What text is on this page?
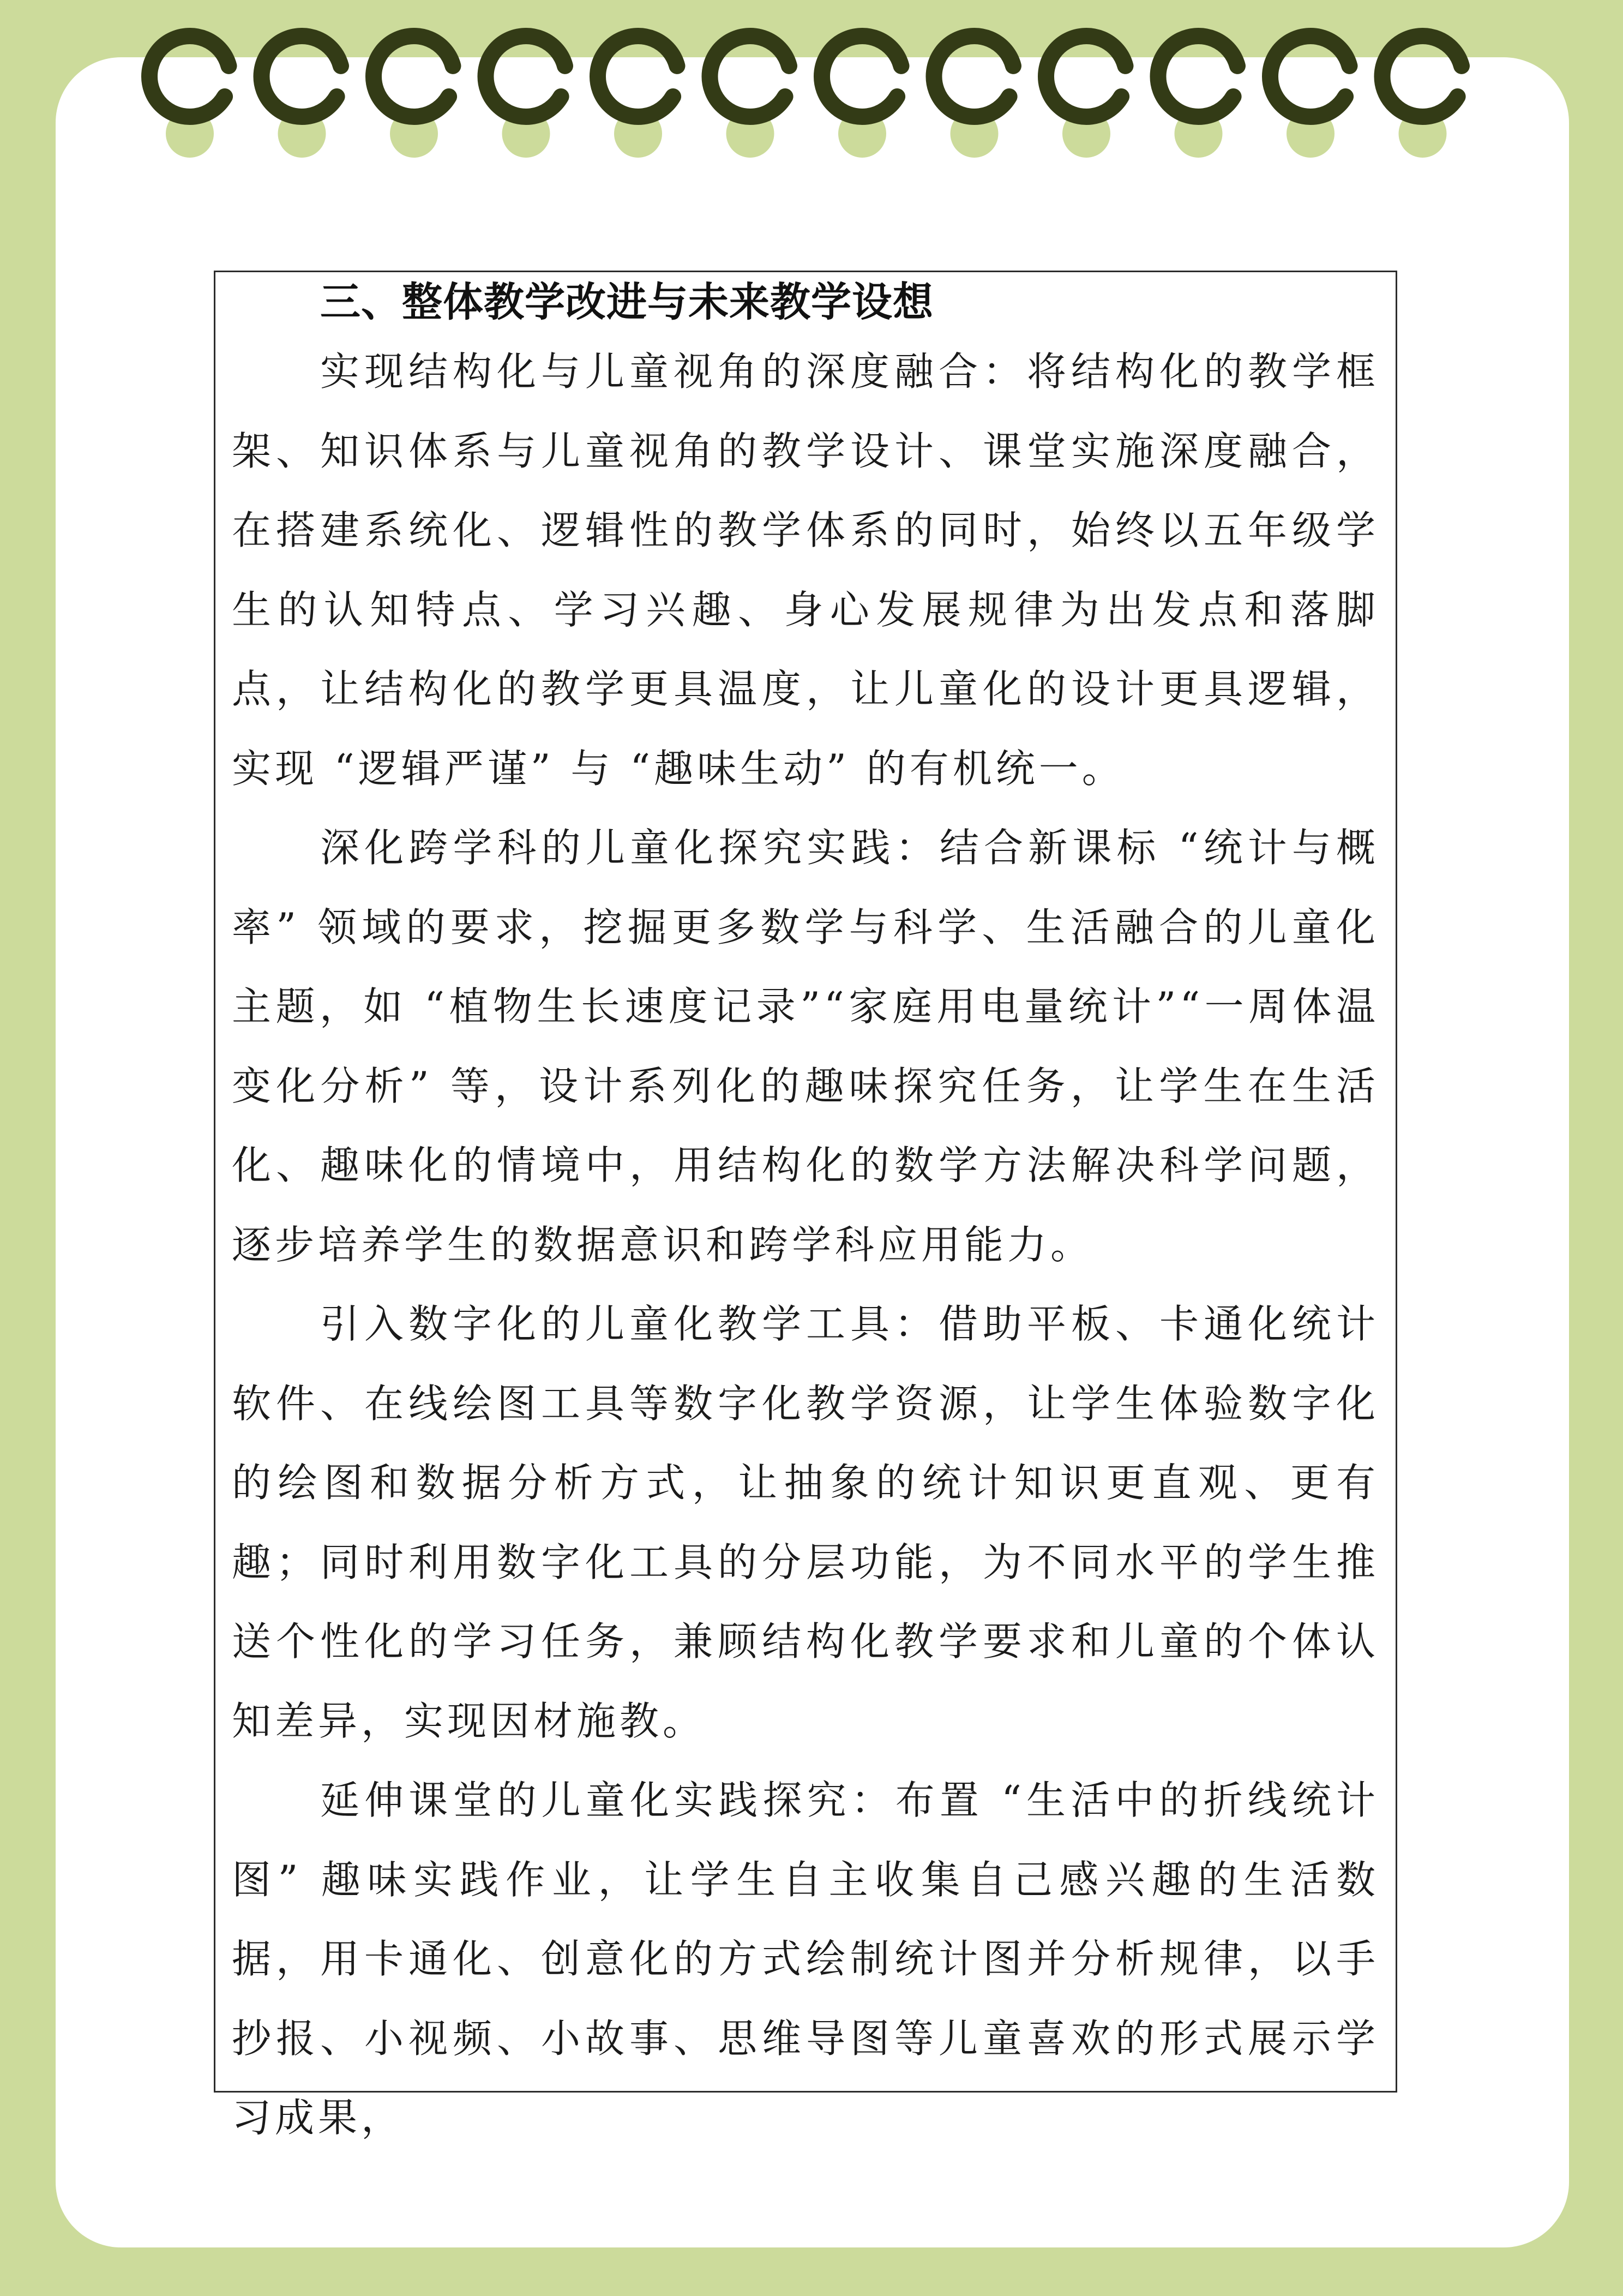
三、整体教学改进与未来教学设想

实现结构化与儿童视角的深度融合：将结构化的教学框架、知识体系与儿童视角的教学设计、课堂实施深度融合，在搭建系统化、逻辑性的教学体系的同时，始终以五年级学生的认知特点、学习兴趣、身心发展规律为出发点和落脚点，让结构化的教学更具温度，让儿童化的设计更具逻辑，实现 “逻辑严谨” 与 “趣味生动” 的有机统一。

深化跨学科的儿童化探究实践：结合新课标 “统计与概率” 领域的要求，挖掘更多数学与科学、生活融合的儿童化主题，如 “植物生长速度记录”“家庭用电量统计”“一周体温变化分析” 等，设计系列化的趣味探究任务，让学生在生活化、趣味化的情境中，用结构化的数学方法解决科学问题，逐步培养学生的数据意识和跨学科应用能力。

引入数字化的儿童化教学工具：借助平板、卡通化统计软件、在线绘图工具等数字化教学资源，让学生体验数字化的绘图和数据分析方式，让抽象的统计知识更直观、更有趣；同时利用数字化工具的分层功能，为不同水平的学生推送个性化的学习任务，兼顾结构化教学要求和儿童的个体认知差异，实现因材施教。

延伸课堂的儿童化实践探究：布置 “生活中的折线统计图” 趣味实践作业，让学生自主收集自己感兴趣的生活数据，用卡通化、创意化的方式绘制统计图并分析规律，以手抄报、小视频、小故事、思维导图等儿童喜欢的形式展示学习成果，
